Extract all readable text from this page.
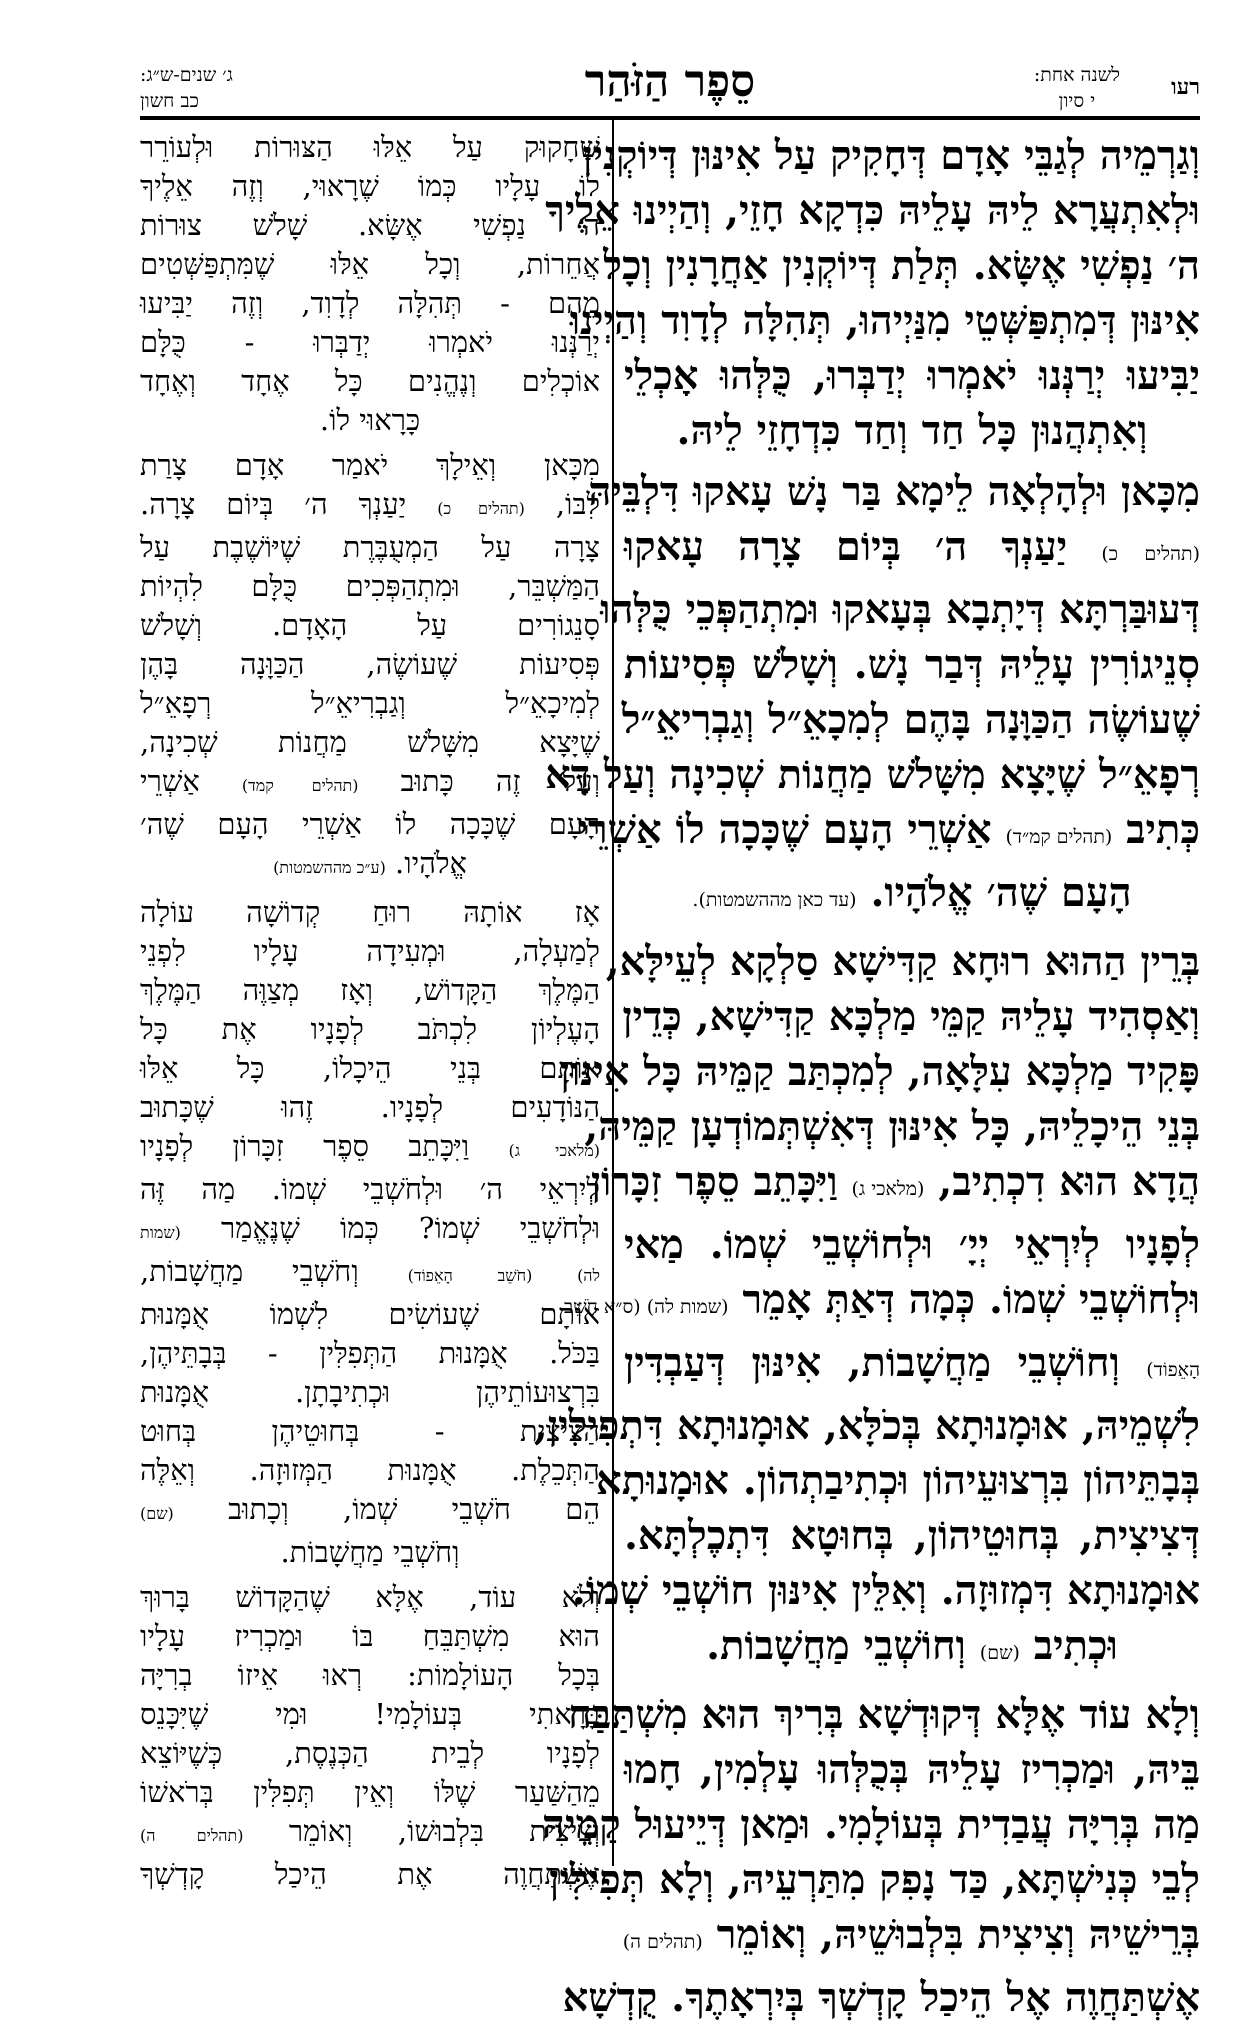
רעו
לשנה אחת:
י סיון
סֵפֶר הַזֹּהַר
ג׳ שנים-ש״ג:
כב חשון
וְגַרְמֵיה לְגַבֵּי אָדָם דְּחָקִיק עַל אִינּוּן דְּיוֹקְנִין
וּלְאִתְעֲרָא לֵיהּ עָלֵיהּ כִּדְקָא חָזֵי, וְהַיְינוּ אֵלֶיךָ
ה׳ נַפְשִׁי אֶשָּׂא. תְּלַת דְּיוֹקְנִין אַחֲרָנִין וְכָל
אִינּוּן דְּמִתְפַּשְּׁטֵי מִנַּיְיהוּ, תְּהִלָּה לְדָוִד וְהַיְינוּ
יַבִּיעוּ יְרַנְּנוּ יֹאמְרוּ יְדַבְּרוּ, כֻּלְּהוּ אָכְלֵי
וְאִתְהֲנוּן כָּל חַד וְחַד כִּדְחָזֵי לֵיהּ.
מִכָּאן וּלְהָלְאָה לֵימָא בַּר נָשׁ עָאקוּ דִּלְבֵּיהּ
(תהלים כ) יַעַנְךָ ה׳ בְּיוֹם צָרָה עָאקוּ
דְּעוּבַּרְתָּא דְּיָתְבָא בְּעָאקוּ וּמִתְהַפְּכֵי כֻּלְּהוּ
סְנֵיגוֹרִין עָלֵיהּ דְּבַר נָשׁ. וְשָׁלֹשׁ פְּסִיעוֹת
שֶׁעוֹשֶׂה הַכַּוָּנָה בָּהֶם לְמִכָאֵ״ל וְגַבְרִיאֵ״ל
רְפָאֵ״ל שֶׁיָּצָא מִשָּׁלֹשׁ מַחֲנוֹת שְׁכִינָה וְעַל דָּא
כְּתִיב (תהלים קמ״ד) אַשְׁרֵי הָעָם שֶׁכָּכָה לוֹ אַשְׁרֵי
הָעָם שֶׁה׳ אֱלֹהָיו. (עד כאן מההשמטות).
בְּרֵין הַהוּא רוּחָא קַדִּישָׁא סַלְקָא לְעֵילָּא,
וְאַסְהִיד עָלֵיהּ קַמֵּי מַלְכָּא קַדִּישָׁא, כְּדֵין
פָּקִיד מַלְכָּא עִלָּאָה, לְמִכְתַּב קַמֵּיהּ כָּל אִינּוּן
בְּנֵי הֵיכָלֵיהּ, כָּל אִינּוּן דְּאִשְׁתְּמוֹדְעָן קַמֵּיהּ,
הֲדָא הוּא דִכְתִיב, (מלאכי ג) וַיִּכָּתֵב סֵפֶר זִכָּרוֹן
לְפָנָיו לְיִרְאֵי יְיָ׳ וּלְחוֹשְׁבֵי שְׁמוֹ. מַאי
וּלְחוֹשְׁבֵי שְׁמוֹ. כְּמָה דְּאַתְּ אָמֵר (שמות לה) (ס״א חֹשֵׁב
הָאֵפוֹד) וְחוֹשְׁבֵי מַחֲשָׁבוֹת, אִינּוּן דְּעַבְדִּין
לִשְׁמֵיהּ, אוּמָנוּתָא בְּכֹלָּא, אוּמָנוּתָא דִּתְפִילִּין,
בְּבָתֵּיהוֹן בִּרְצוּעֵיהוֹן וּכְתִיבַתְהוֹן. אוּמָנוּתָא
דְּצִיצִית, בְּחוּטֵיהוֹן, בְּחוּטָא דִּתְכֶלְתָּא.
אוּמָנוּתָא דִּמְזוּזָה. וְאִלֵּין אִינּוּן חוֹשְׁבֵי שְׁמוֹ.
וּכְתִיב (שם) וְחוֹשְׁבֵי מַחֲשָׁבוֹת.
וְלָא עוֹד אֶלָּא דְּקוּדְשָׁא בְּרִיךְ הוּא מִשְׁתַּבַּח
בֵּיהּ, וּמַכְרִיז עָלֵיהּ בְּכֻלְּהוּ עָלְמִין, חָמוּ
מַה בְּרִיָּה עֲבַדִית בְּעוֹלָמִי. וּמַאן דְּיֵיעוּל קַמֵּיהּ
לְבֵי כְּנִישְׁתָּא, כַּד נָפִק מִתַּרְעֵיהּ, וְלָא תְּפִילִּין
בְּרֵישֵׁיהּ וְצִיצִית בִּלְבוּשֵׁיהּ, וְאוֹמֵר (תהלים ה)
אֶשְׁתַּחֲוֶה אֶל הֵיכַל קָדְשְׁךָ בְּיִרְאָתֶךָ. קֻדְשָׁא
שֶׁחָקוּק עַל אֵלּוּ הַצּוּרוֹת וּלְעוֹרֵר
לוֹ עָלָיו כְּמוֹ שֶׁרָאוּי, וְזֶה אֵלֶיךָ
ה׳ נַפְשִׁי אֶשָּׂא. שָׁלֹשׁ צוּרוֹת
אֲחֵרוֹת, וְכָל אֵלּוּ שֶׁמִּתְפַּשְּׁטִים
מֵהֶם - תְּהִלָּה לְדָוִד, וְזֶה יַבִּיעוּ
יְרַנְּנוּ יֹאמְרוּ יְדַבְּרוּ - כֻּלָּם
אוֹכְלִים וְנֶהֱנִים כָּל אֶחָד וְאֶחָד
כָּרָאוּי לוֹ.
מִכָּאן וְאֵילָךְ יֹאמַר אָדָם צָרַת
לִבּוֹ, (תהלים כ) יַעַנְךָ ה׳ בְּיוֹם צָרָה.
צָרָה עַל הַמְעֻבֶּרֶת שֶׁיּוֹשֶׁבֶת עַל
הַמַּשְׁבֵּר, וּמִתְהַפְּכִים כֻּלָּם לִהְיוֹת
סָנֵגוֹרִים עַל הָאָדָם. וְשָׁלֹשׁ
פְּסִיעוֹת שֶׁעוֹשֶׂה, הַכַּוָּנָה בָּהֶן
לְמִיכָאֵ״ל וְגַבְרִיאֵ״ל רְפָאֵ״ל
שֶׁיָּצָא מִשָּׁלֹשׁ מַחֲנוֹת שְׁכִינָה,
וְעַל זֶה כָּתוּב (תהלים קמד) אַשְׁרֵי
הָעָם שֶׁכָּכָה לוֹ אַשְׁרֵי הָעָם שֶׁה׳
אֱלֹהָיו. (ע״כ מההשמטות)
אָז אוֹתָהּ רוּחַ קְדוֹשָׁה עוֹלָה
לְמַעְלָה, וּמְעִידָה עָלָיו לִפְנֵי
הַמֶּלֶךְ הַקָּדוֹשׁ, וְאָז מְצַוֶּה הַמֶּלֶךְ
הָעֶלְיוֹן לִכְתֹּב לְפָנָיו אֶת כָּל
אוֹתָם בְּנֵי הֵיכָלוֹ, כָּל אֵלּוּ
הַנּוֹדָעִים לְפָנָיו. זֶהוּ שֶׁכָּתוּב
(מלאכי ג) וַיִּכָּתֵב סֵפֶר זִכָּרוֹן לְפָנָיו
לְיִרְאֵי ה׳ וּלְחֹשְׁבֵי שְׁמוֹ. מַה זֶּה
וּלְחֹשְׁבֵי שְׁמוֹ? כְּמוֹ שֶׁנֶּאֱמַר (שמות
לה) (חֹשֵׁב הָאֵפוֹד) וְחֹשְׁבֵי מַחֲשָׁבוֹת,
אוֹתָם שֶׁעוֹשִׂים לִשְׁמוֹ אֻמָּנוּת
בַּכֹּל. אֻמָּנוּת הַתְּפִלִּין - בְּבָתֵּיהֶן,
בִּרְצוּעוֹתֵיהֶן וּכְתִיבָתָן. אֻמָּנוּת
הַצִּיצִית - בְּחוּטֵיהֶן בְּחוּט
הַתְּכֵלֶת. אֻמָּנוּת הַמְּזוּזָה. וְאֵלֶּה
הֵם חֹשְׁבֵי שְׁמוֹ, וְכָתוּב (שם)
וְחֹשְׁבֵי מַחֲשָׁבוֹת.
וְלֹא עוֹד, אֶלָּא שֶׁהַקָּדוֹשׁ בָּרוּךְ
הוּא מִשְׁתַּבֵּחַ בּוֹ וּמַכְרִיז עָלָיו
בְּכָל הָעוֹלָמוֹת: רְאוּ אֵיזוֹ בְרִיָּה
בָּרָאתִי בְּעוֹלָמִי! וּמִי שֶׁיִּכָּנֵס
לְפָנָיו לְבֵית הַכְּנֶסֶת, כְּשֶׁיּוֹצֵא
מֵהַשַּׁעַר שֶׁלּוֹ וְאֵין תְּפִלִּין בְּרֹאשׁוֹ
וְצִיצִית בִּלְבוּשׁוֹ, וְאוֹמֵר (תהלים ה)
אֶשְׁתַּחֲוֶה אֶת הֵיכַל קָדְשְׁךָ
